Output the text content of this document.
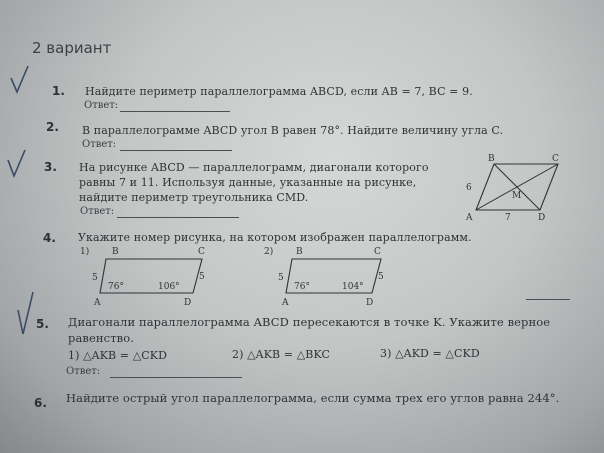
2 вариант
1. Найдите периметр параллелограмма ABCD, если AB = 7, BC = 9.
Ответ:
2. В параллелограмме ABCD угол B равен 78°. Найдите величину угла C.
Ответ:
3. На рисунке ABCD — параллелограмм, диагонали которого
равны 7 и 11. Используя данные, указанные на рисунке,
найдите периметр треугольника CMD.
Ответ:
B	C
A	D
M
6
7
4. Укажите номер рисунка, на котором изображен параллелограмм.
1)	B	C
5	5
76°	106°
A	D
2)	B	C
5	5
76°	104°
A	D
5. Диагонали параллелограмма ABCD пересекаются в точке K. Укажите верное
равенство.
1) △AKB = △CKD	2) △AKB = △BKC	3) △AKD = △CKD
Ответ:
6. Найдите острый угол параллелограмма, если сумма трех его углов равна 244°.
